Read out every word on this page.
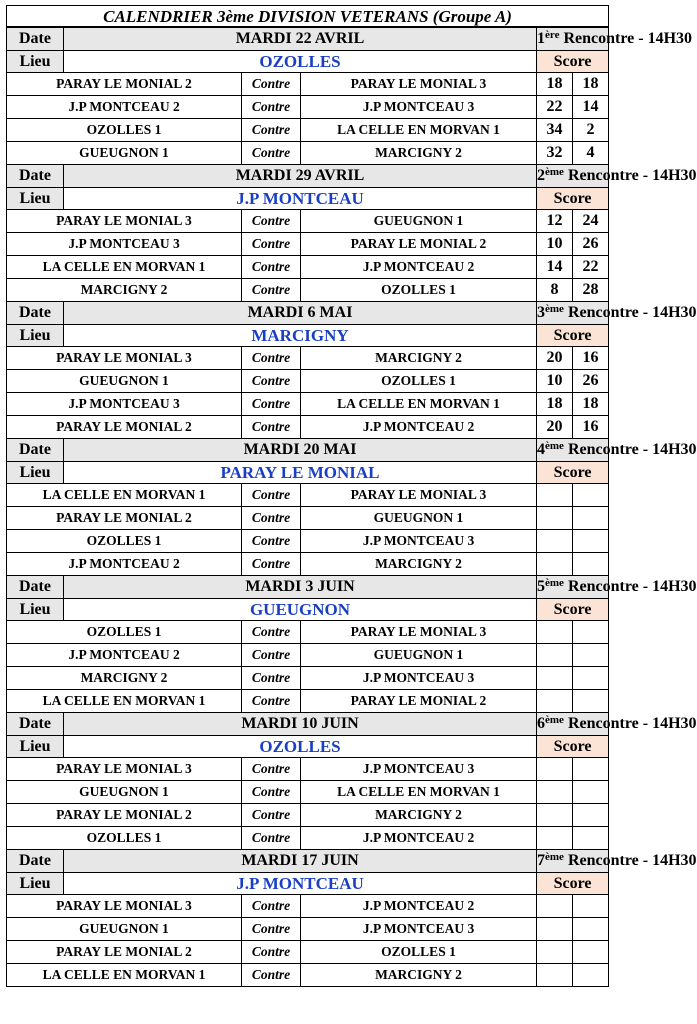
CALENDRIER 3ème DIVISION VETERANS (Groupe A)					
Date	MARDI 22 AVRIL			1ère Rencontre - 14H30	
Lieu	OZOLLES			Score	
PARAY LE MONIAL 2		Contre	PARAY LE MONIAL 3	18	18
J.P MONTCEAU 2		Contre	J.P MONTCEAU 3	22	14
OZOLLES 1		Contre	LA CELLE EN MORVAN 1	34	2
GUEUGNON 1		Contre	MARCIGNY 2	32	4
Date	MARDI 29 AVRIL			2ème Rencontre - 14H30	
Lieu	J.P MONTCEAU			Score	
PARAY LE MONIAL 3		Contre	GUEUGNON 1	12	24
J.P MONTCEAU 3		Contre	PARAY LE MONIAL 2	10	26
LA CELLE EN MORVAN 1		Contre	J.P MONTCEAU 2	14	22
MARCIGNY 2		Contre	OZOLLES 1	8	28
Date	MARDI 6 MAI			3ème Rencontre - 14H30	
Lieu	MARCIGNY			Score	
PARAY LE MONIAL 3		Contre	MARCIGNY 2	20	16
GUEUGNON 1		Contre	OZOLLES 1	10	26
J.P MONTCEAU 3		Contre	LA CELLE EN MORVAN 1	18	18
PARAY LE MONIAL 2		Contre	J.P MONTCEAU 2	20	16
Date	MARDI 20 MAI			4ème Rencontre - 14H30	
Lieu	PARAY LE MONIAL			Score	
LA CELLE EN MORVAN 1		Contre	PARAY LE MONIAL 3		
PARAY LE MONIAL 2		Contre	GUEUGNON 1		
OZOLLES 1		Contre	J.P MONTCEAU 3		
J.P MONTCEAU 2		Contre	MARCIGNY 2		
Date	MARDI 3 JUIN			5ème Rencontre - 14H30	
Lieu	GUEUGNON			Score	
OZOLLES 1		Contre	PARAY LE MONIAL 3		
J.P MONTCEAU 2		Contre	GUEUGNON 1		
MARCIGNY 2		Contre	J.P MONTCEAU 3		
LA CELLE EN MORVAN 1		Contre	PARAY LE MONIAL 2		
Date	MARDI 10 JUIN			6ème Rencontre - 14H30	
Lieu	OZOLLES			Score	
PARAY LE MONIAL 3		Contre	J.P MONTCEAU 3		
GUEUGNON 1		Contre	LA CELLE EN MORVAN 1		
PARAY LE MONIAL 2		Contre	MARCIGNY 2		
OZOLLES 1		Contre	J.P MONTCEAU 2		
Date	MARDI 17 JUIN			7ème Rencontre - 14H30	
Lieu	J.P MONTCEAU			Score	
PARAY LE MONIAL 3		Contre	J.P MONTCEAU 2		
GUEUGNON 1		Contre	J.P MONTCEAU 3		
PARAY LE MONIAL 2		Contre	OZOLLES 1		
LA CELLE EN MORVAN 1		Contre	MARCIGNY 2		
